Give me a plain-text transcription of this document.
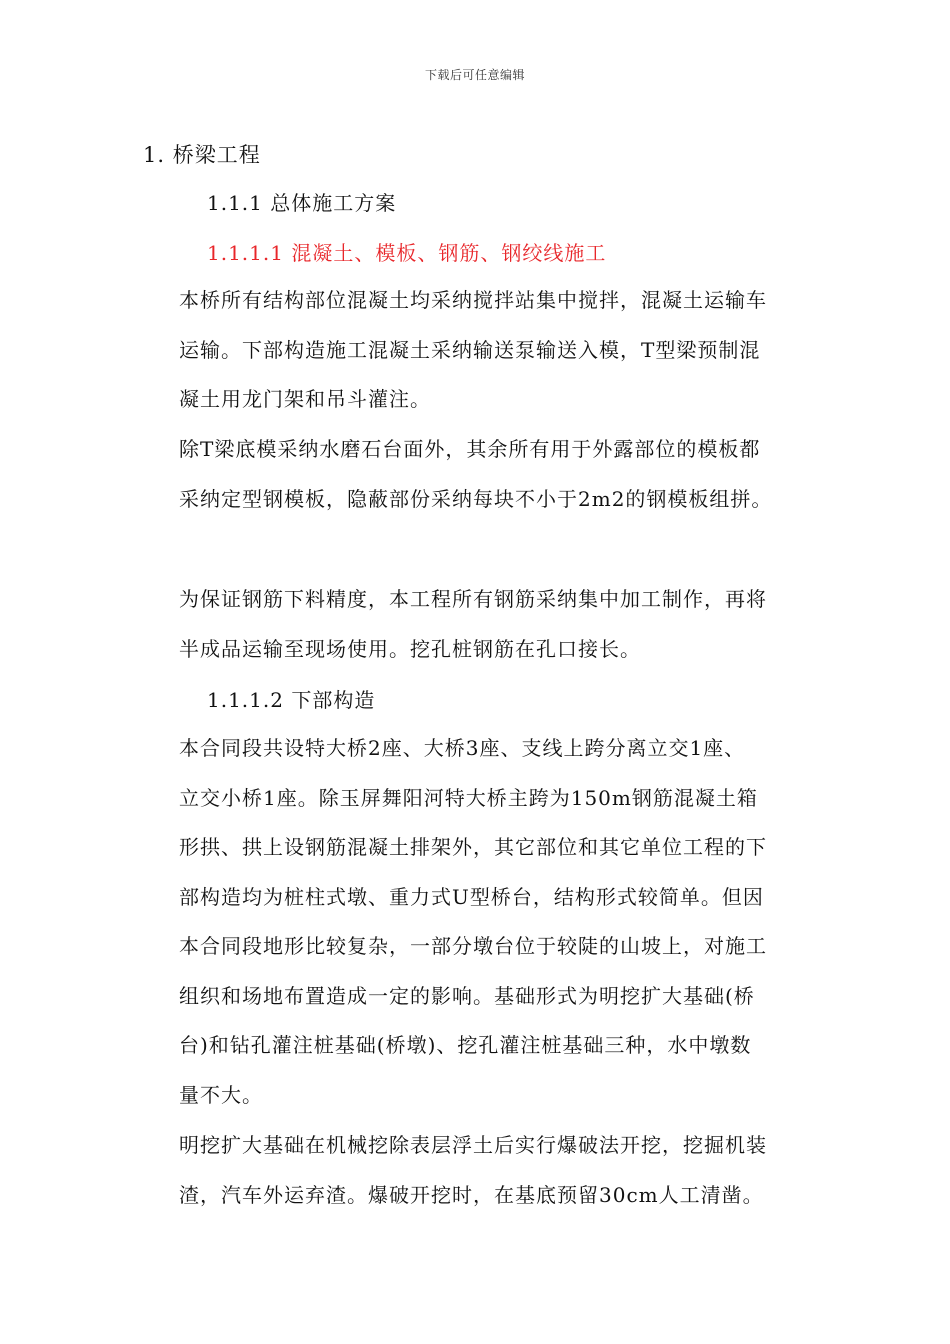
下载后可任意编辑
1. 桥梁工程
1.1.1 总体施工方案
1.1.1.1 混凝土、模板、钢筋、钢绞线施工
本桥所有结构部位混凝土均采纳搅拌站集中搅拌，混凝土运输车
运输。下部构造施工混凝土采纳输送泵输送入模，T型梁预制混
凝土用龙门架和吊斗灌注。
除T梁底模采纳水磨石台面外，其余所有用于外露部位的模板都
采纳定型钢模板，隐蔽部份采纳每块不小于2m2的钢模板组拼。
为保证钢筋下料精度，本工程所有钢筋采纳集中加工制作，再将
半成品运输至现场使用。挖孔桩钢筋在孔口接长。
1.1.1.2 下部构造
本合同段共设特大桥2座、大桥3座、支线上跨分离立交1座、
立交小桥1座。除玉屏舞阳河特大桥主跨为150m钢筋混凝土箱
形拱、拱上设钢筋混凝土排架外，其它部位和其它单位工程的下
部构造均为桩柱式墩、重力式U型桥台，结构形式较简单。但因
本合同段地形比较复杂，一部分墩台位于较陡的山坡上，对施工
组织和场地布置造成一定的影响。基础形式为明挖扩大基础(桥
台)和钻孔灌注桩基础(桥墩)、挖孔灌注桩基础三种，水中墩数
量不大。
明挖扩大基础在机械挖除表层浮土后实行爆破法开挖，挖掘机装
渣，汽车外运弃渣。爆破开挖时，在基底预留30cm人工清凿。
